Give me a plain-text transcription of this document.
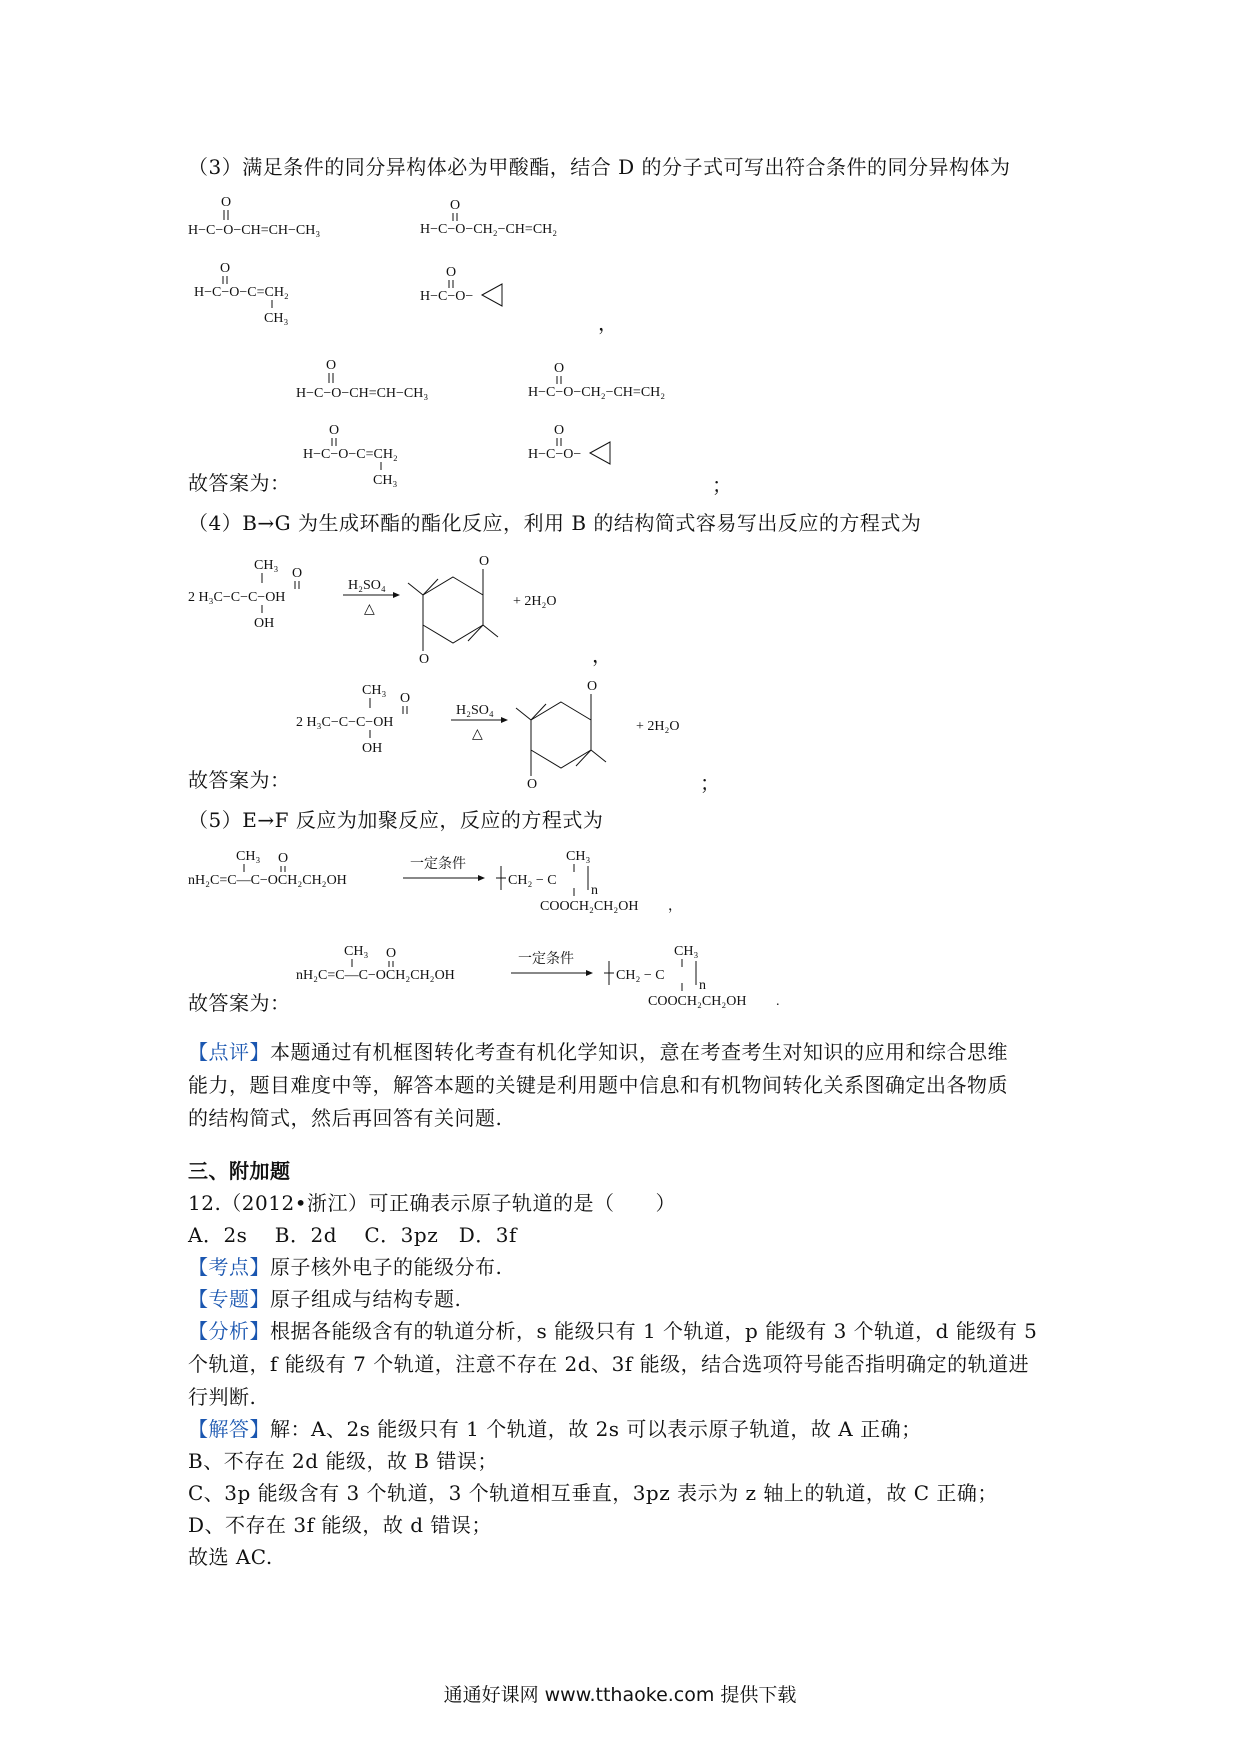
（3）满足条件的同分异构体必为甲酸酯，结合 D 的分子式可写出符合条件的同分异构体为
O
H−C−O−CH=CH−CH₃
O
H−C−O−CH₂−CH=CH₂
O
H−C−O−C=CH₂
CH₃
O
H−C−O−
，
O
H−C−O−CH=CH−CH₃
O
H−C−O−CH₂−CH=CH₂
O
H−C−O−C=CH₂
CH₃
O
H−C−O−
故答案为：	；
（4）B→G 为生成环酯的酯化反应，利用 B 的结构简式容易写出反应的方程式为
CH₃
O
2 H₃C−C−C−OH
OH
H₂SO₄
△
O
O
+ 2H₂O
，
CH₃
O
2 H₃C−C−C−OH
OH
H₂SO₄
△
O
O
+ 2H₂O
故答案为：	；
（5）E→F 反应为加聚反应，反应的方程式为
CH₃ O
nH₂C=C—C−OCH₂CH₂OH
一定条件
CH₂ − C
CH₃
n
COOCH₂CH₂OH ，
CH₃ O
nH₂C=C—C−OCH₂CH₂OH
一定条件
CH₂ − C
CH₃
n
COOCH₂CH₂OH .
故答案为：
【点评】本题通过有机框图转化考查有机化学知识，意在考查考生对知识的应用和综合思维
能力，题目难度中等，解答本题的关键是利用题中信息和有机物间转化关系图确定出各物质
的结构简式，然后再回答有关问题.
三、附加题
12.（2012•浙江）可正确表示原子轨道的是（　　）
A．2s　 B．2d　 C．3pz　D．3f
【考点】原子核外电子的能级分布.
【专题】原子组成与结构专题.
【分析】根据各能级含有的轨道分析，s 能级只有 1 个轨道，p 能级有 3 个轨道，d 能级有 5
个轨道，f 能级有 7 个轨道，注意不存在 2d、3f 能级，结合选项符号能否指明确定的轨道进
行判断.
【解答】解：A、2s 能级只有 1 个轨道，故 2s 可以表示原子轨道，故 A 正确；
B、不存在 2d 能级，故 B 错误；
C、3p 能级含有 3 个轨道，3 个轨道相互垂直，3pz 表示为 z 轴上的轨道，故 C 正确；
D、不存在 3f 能级，故 d 错误；
故选 AC.
通通好课网 www.tthaoke.com 提供下载
